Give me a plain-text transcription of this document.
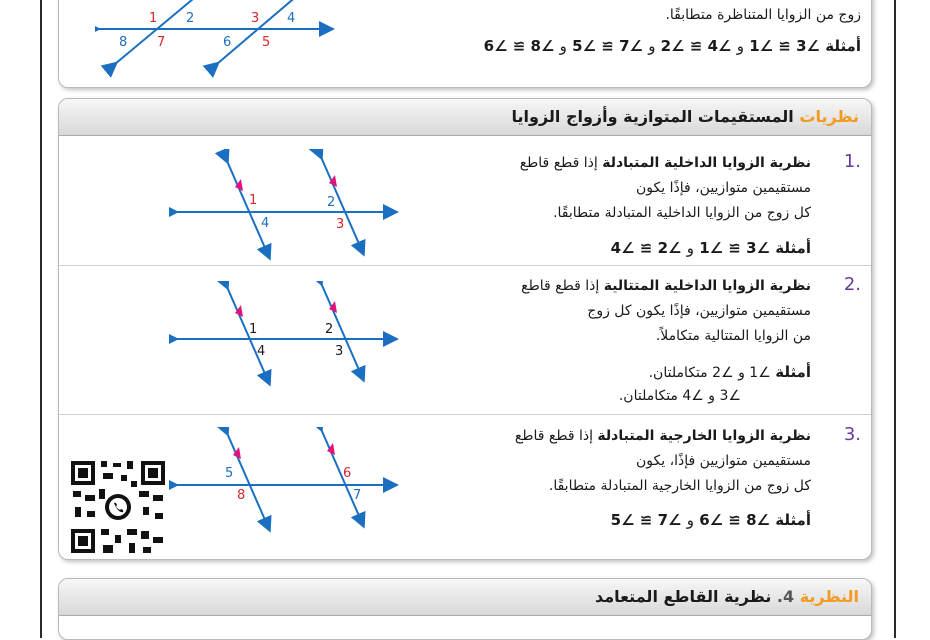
1 2	3 4
8 7	6 5
زوج من الزوايا المتناظرة متطابقًا.
أمثلة ∠3 ≅ ∠1 و ∠4 ≅ ∠2 و ∠7 ≅ ∠5 و ∠8 ≅ ∠6
نظريات المستقيمات المتوازية وأزواج الزوايا
1.
نظرية الزوايا الداخلية المتبادلة إذا قطع قاطع
مستقيمين متوازيين، فإذًا يكون
كل زوج من الزوايا الداخلية المتبادلة متطابقًا.
أمثلة ∠3 ≅ ∠1 و ∠2 ≅ ∠4
1
4
2
3
2.
نظرية الزوايا الداخلية المتتالية إذا قطع قاطع
مستقيمين متوازيين، فإذًا يكون كل زوج
من الزوايا المتتالية متكاملاً.
أمثلة ∠1 و ∠2 متكاملتان.
∠3 و ∠4 متكاملتان.
1
4
2
3
3.
نظرية الزوايا الخارجية المتبادلة إذا قطع قاطع
مستقيمين متوازيين فإذًا، يكون
كل زوج من الزوايا الخارجية المتبادلة متطابقًا.
أمثلة ∠8 ≅ ∠6 و ∠7 ≅ ∠5
5
8
6
7
النظرية 4. نظرية القاطع المتعامد
